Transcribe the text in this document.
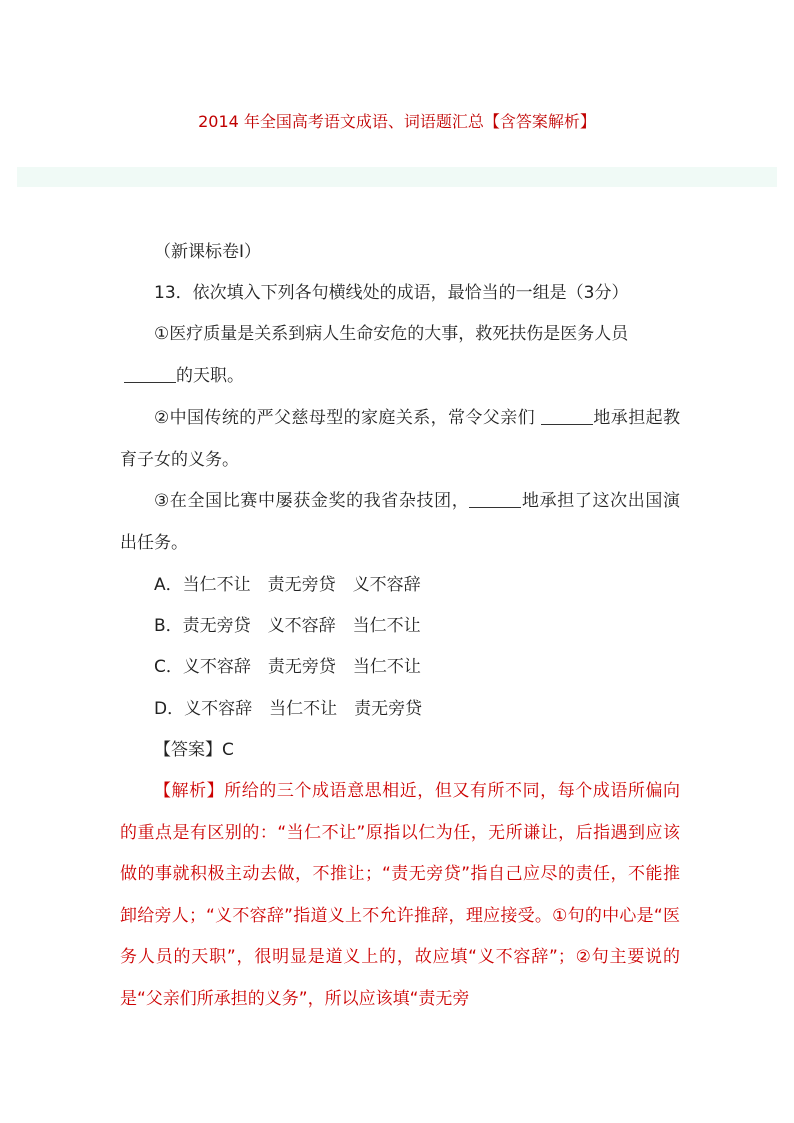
2014 年全国高考语文成语、词语题汇总【含答案解析】
（新课标卷Ⅰ）
13．依次填入下列各句横线处的成语，最恰当的一组是（3分）
①医疗质量是关系到病人生命安危的大事，救死扶伤是医务人员
的天职。
②中国传统的严父慈母型的家庭关系，常令父亲们	地承担起教育子女的义务。
③在全国比赛中屡获金奖的我省杂技团，	地承担了这次出国演出任务。
A．当仁不让　责无旁贷　义不容辞
B．责无旁贷　义不容辞　当仁不让
C．义不容辞　责无旁贷　当仁不让
D．义不容辞　当仁不让　责无旁贷
【答案】C
【解析】所给的三个成语意思相近，但又有所不同，每个成语所偏向的重点是有区别的：“当仁不让”原指以仁为任，无所谦让，后指遇到应该做的事就积极主动去做，不推让；“责无旁贷”指自己应尽的责任，不能推卸给旁人；“义不容辞”指道义上不允许推辞，理应接受。①句的中心是“医务人员的天职”，很明显是道义上的，故应填“义不容辞”；②句主要说的是“父亲们所承担的义务”，所以应该填“责无旁
